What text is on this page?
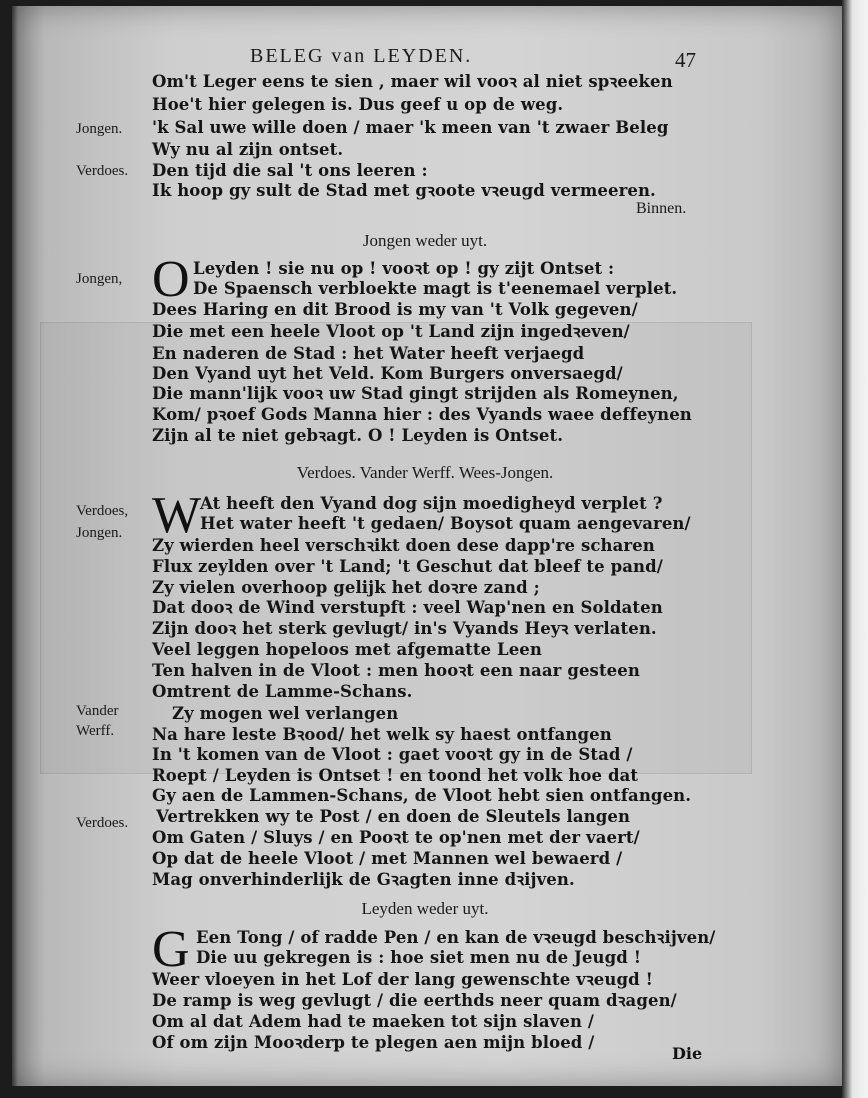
BELEG van LEYDEN.	47
Om't Leger eens te sien , maer wil vooꝛ al niet spꝛeeken
Hoe't hier gelegen is. Dus geef u op de weg.
Jongen. 'k Sal uwe wille doen / maer 'k meen van 't zwaer Beleg
Wy nu al zijn ontset.
Verdoes. Den tijd die sal 't ons leeren :
Ik hoop gy sult de Stad met gꝛoote vꝛeugd vermeeren.
Binnen.
Jongen weder uyt.
Jongen, O Leyden ! sie nu op ! vooꝛt op ! gy zijt Ontset :
De Spaensch verbloekte magt is t'eenemael verplet.
Dees Haring en dit Brood is my van 't Volk gegeven/
Die met een heele Vloot op 't Land zijn ingedꝛeven/
En naderen de Stad : het Water heeft verjaegd
Den Vyand uyt het Veld. Kom Burgers onversaegd/
Die mann'lijk vooꝛ uw Stad gingt strijden als Romeynen,
Kom/ pꝛoef Gods Manna hier : des Vyands waee deffeynen
Zijn al te niet gebꝛagt. O ! Leyden is Ontset.
Verdoes. Vander Werff. Wees-Jongen.
Verdoes,
Jongen. W
At heeft den Vyand dog sijn moedigheyd verplet ?
Het water heeft 't gedaen/ Boysot quam aengevaren/
Zy wierden heel verschꝛikt doen dese dapp're scharen
Flux zeylden over 't Land; 't Geschut dat bleef te pand/
Zy vielen overhoop gelijk het doꝛre zand ;
Dat dooꝛ de Wind verstupft : veel Wap'nen en Soldaten
Zijn dooꝛ het sterk gevlugt/ in's Vyands Heyꝛ verlaten.
Veel leggen hopeloos met afgematte Leen
Ten halven in de Vloot : men hooꝛt een naar gesteen
Omtrent de Lamme-Schans.
Vander
Werff.
Zy mogen wel verlangen
Na hare leste Bꝛood/ het welk sy haest ontfangen
In 't komen van de Vloot : gaet vooꝛt gy in de Stad /
Roept / Leyden is Ontset ! en toond het volk hoe dat
Gy aen de Lammen-Schans, de Vloot hebt sien ontfangen.
Verdoes. Vertrekken wy te Post / en doen de Sleutels langen
Om Gaten / Sluys / en Pooꝛt te op'nen met der vaert/
Op dat de heele Vloot / met Mannen wel bewaerd /
Mag onverhinderlijk de Gꝛagten inne dꝛijven.
Leyden weder uyt.
G Een Tong / of radde Pen / en kan de vꝛeugd beschꝛijven/
Die uu gekregen is : hoe siet men nu de Jeugd !
Weer vloeyen in het Lof der lang gewenschte vꝛeugd !
De ramp is weg gevlugt / die eerthds neer quam dꝛagen/
Om al dat Adem had te maeken tot sijn slaven /
Of om zijn Mooꝛderp te plegen aen mijn bloed /
Die
